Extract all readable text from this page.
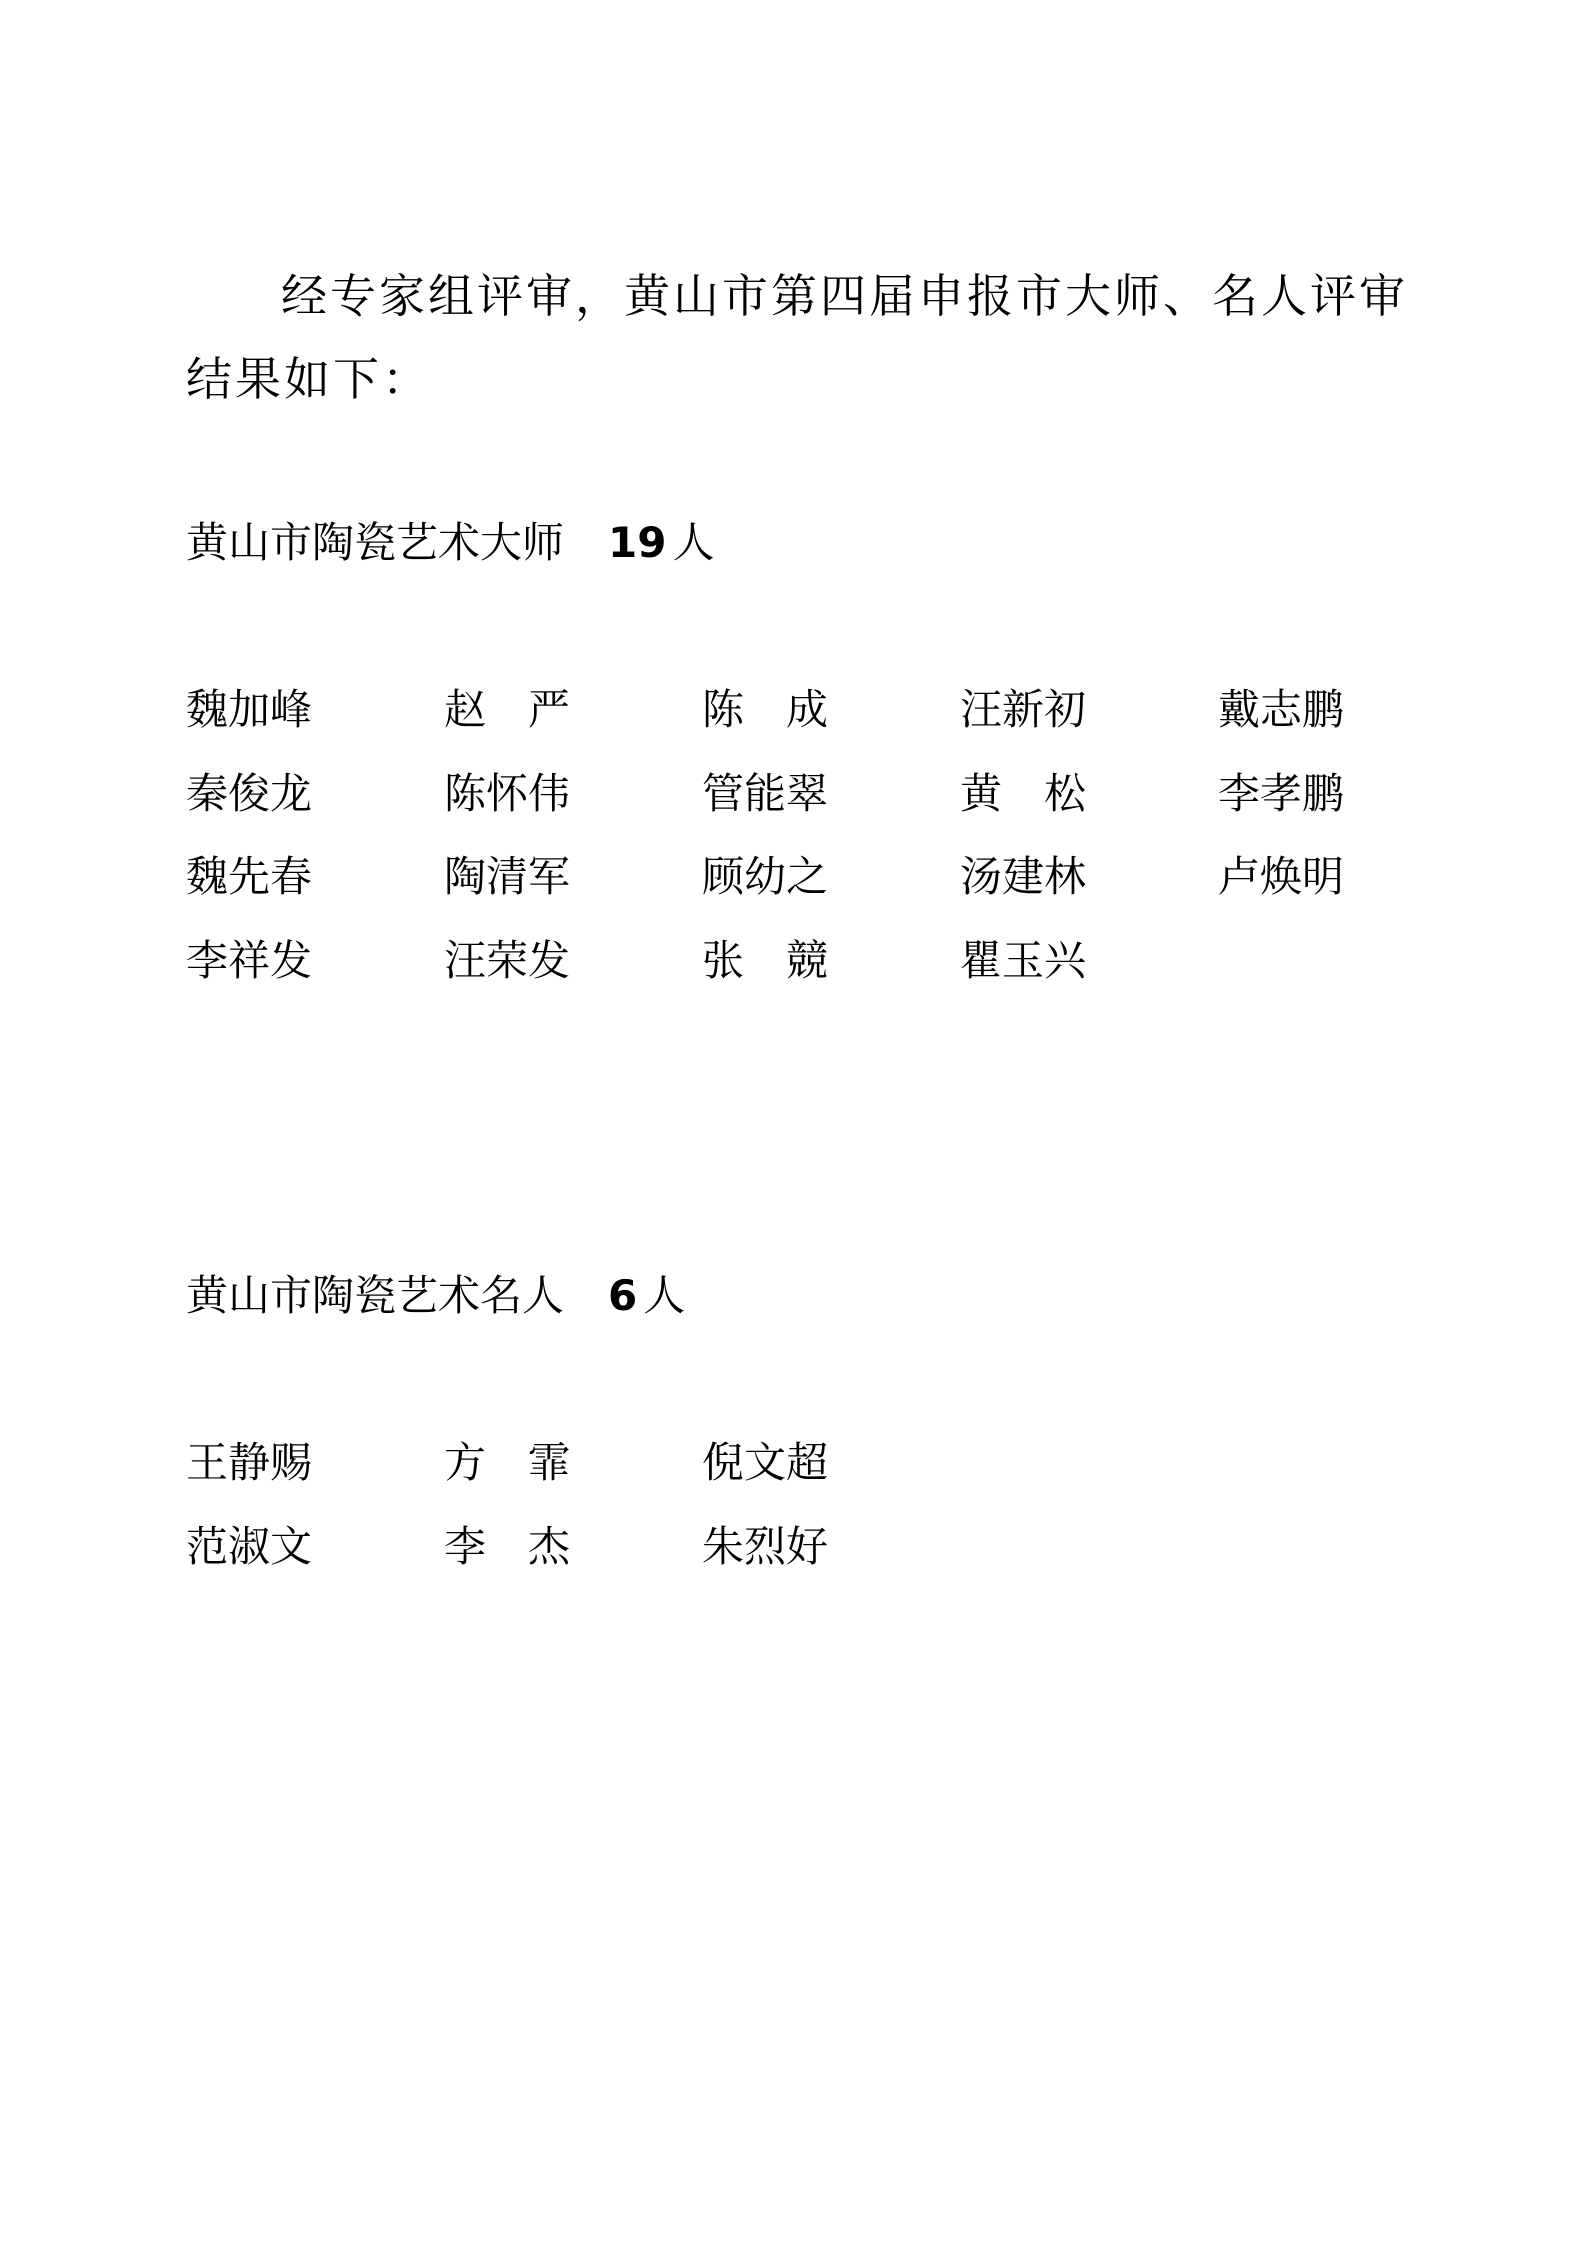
经专家组评审，黄山市第四届申报市大师、名人评审
结果如下：
黄山市陶瓷艺术大师 19 人
魏加峰	赵　严	陈　成	汪新初	戴志鹏
秦俊龙	陈怀伟	管能翠	黄　松	李孝鹏
魏先春	陶清军	顾幼之	汤建林	卢焕明
李祥发	汪荣发	张　競	瞿玉兴
黄山市陶瓷艺术名人 6 人
王静赐	方　霏	倪文超
范淑文	李　杰	朱烈好
